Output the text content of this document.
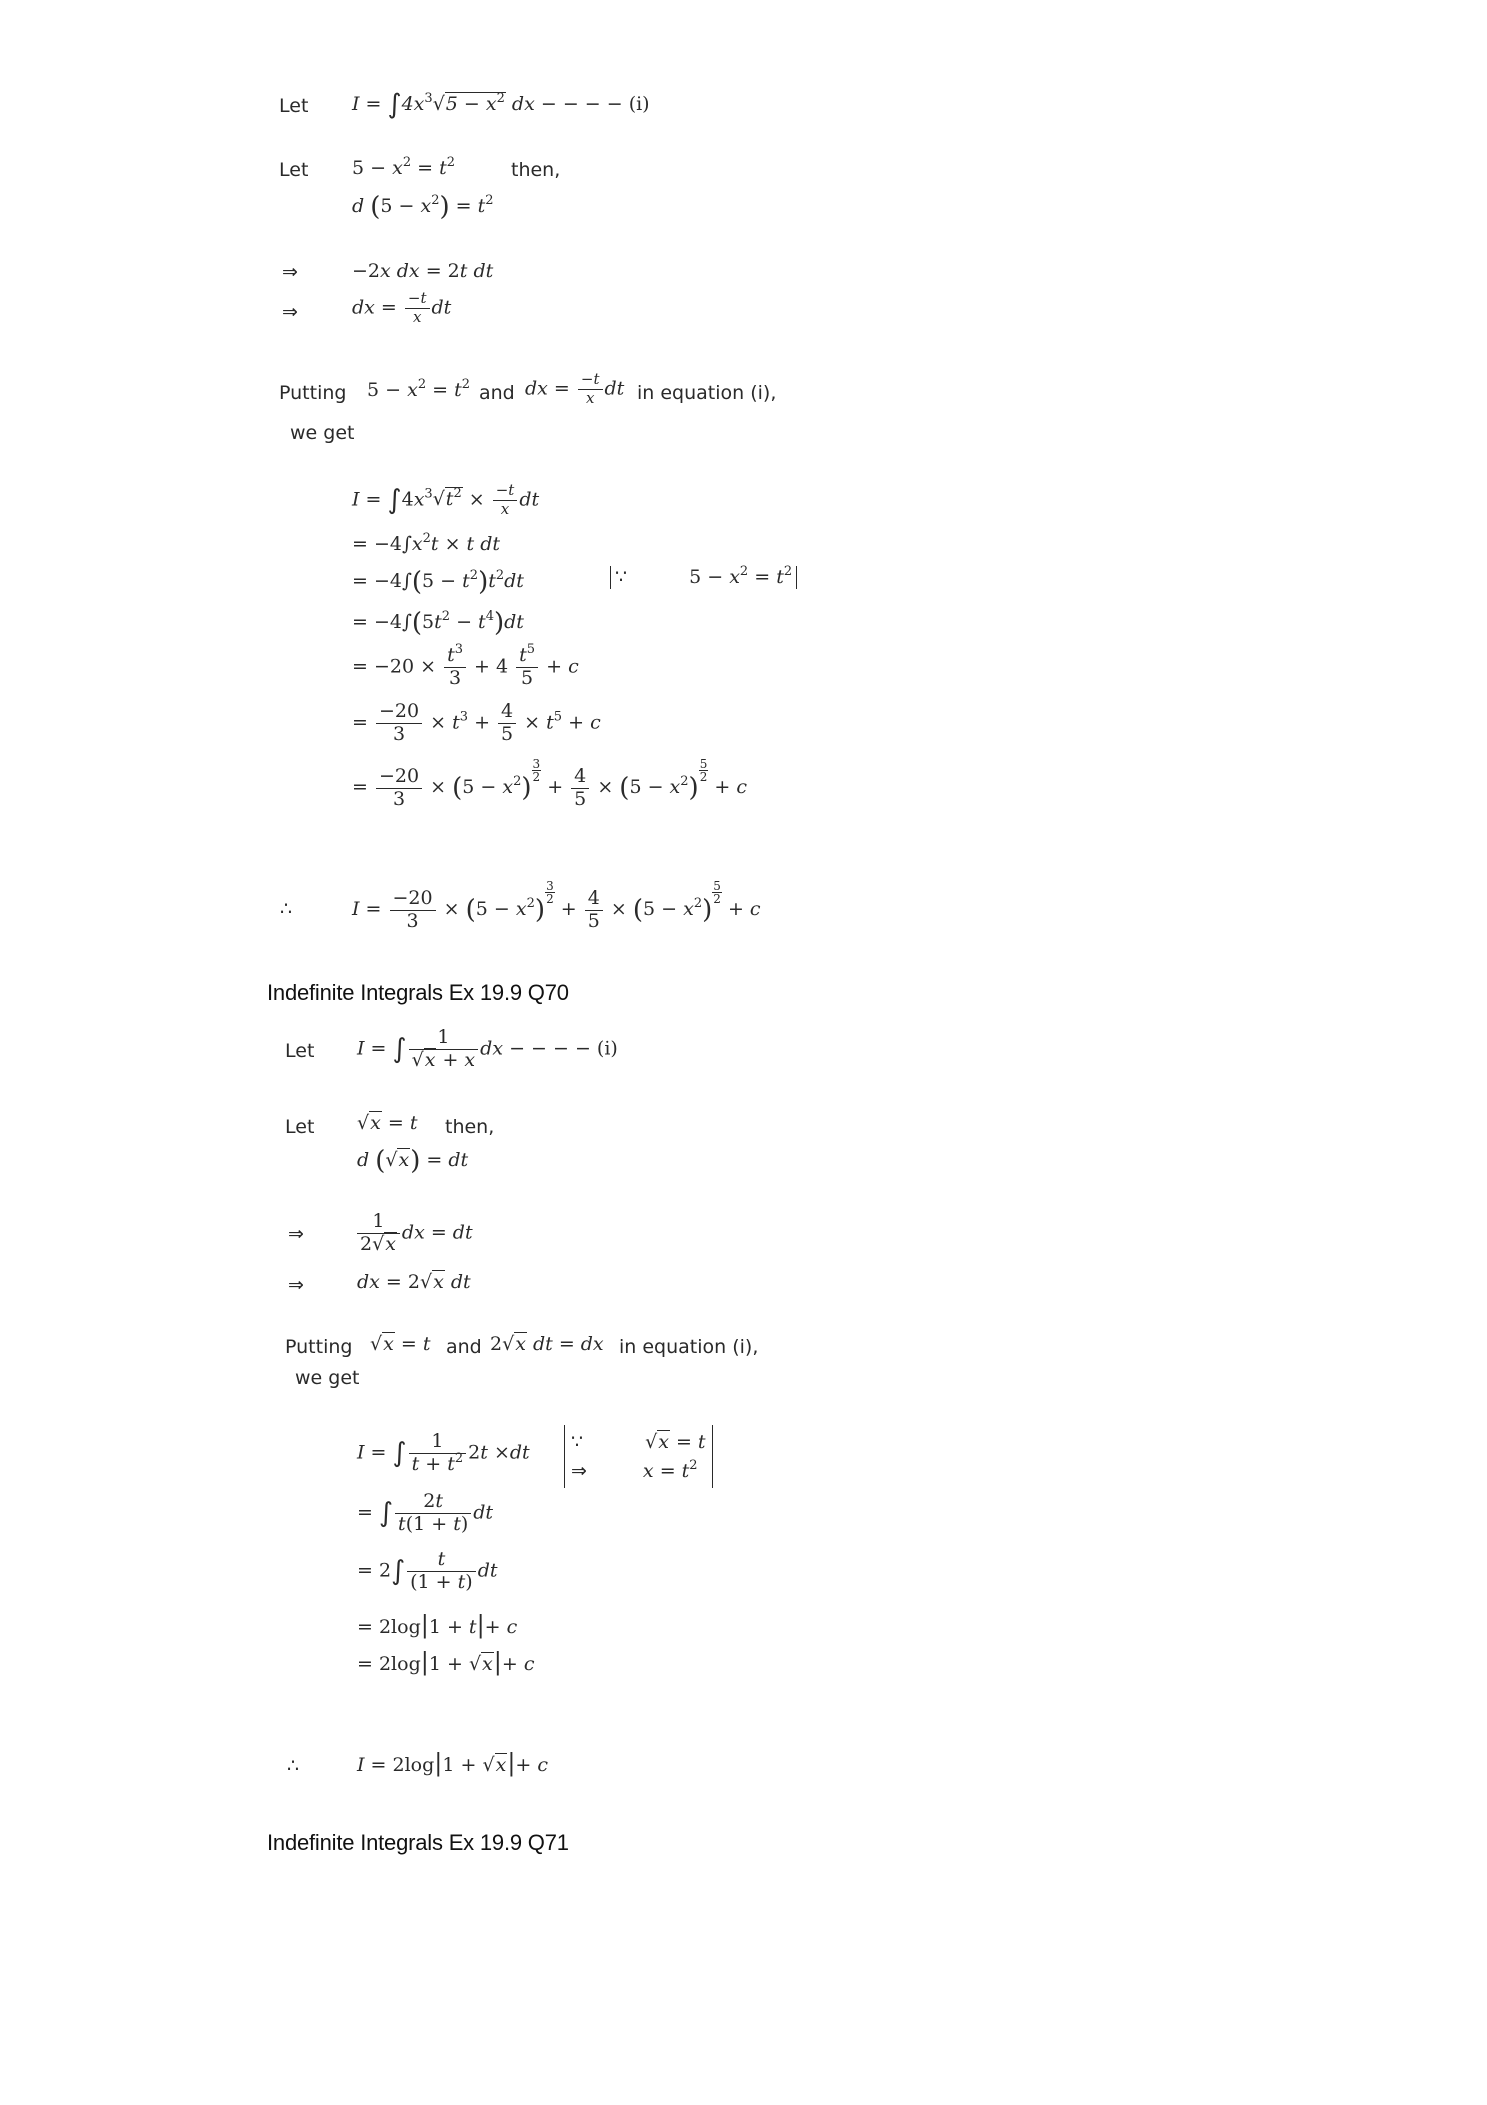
Let $I = \int 4x^3√5 - x^2$ dx − − − − (i)
Let $5 - x^2 = t^2$	then,
d $(5 - x^2) = t^2$
⇒	−2x dx = 2t dt
⇒	dx = $\frac{-t}{x}$ dt
Putting $5 - x^2 = t^2$ and dx = $\frac{-t}{x}$ dt in equation (i),
we get
$I = \int 4x^3√t^2 \times \frac{-t}{x}$ dt
= $-4\int x^2t \times t$ dt
= $-4\int(5 - t^2)t^2dt$	∵	$5 - x^2 = t^2$
= $-4\int(5t^2 - t^4)dt$
= $-20 \times \frac{t^3}{3} + 4 \frac{t^5}{5} + c$
= $\frac{-20}{3} \times t^3 + \frac{4}{5} \times t^5 + c$
= $\frac{-20}{3} \times (5 - x^2)$
$\frac{3}{2}$
+ $\frac{4}{5} \times (5 - x^2)$
$\frac{5}{2}$
+ c
∴	$I = \frac{-20}{3} \times (5 - x^2)$
$\frac{3}{2}$
+ $\frac{4}{5} \times (5 - x^2)$
$\frac{5}{2}$
+ c
Indefinite Integrals Ex 19.9 Q70
Let I = ∫ $\frac{1}{√x + x}$ dx − − − − (i)
Let √x = t then,
d (√x) = dt
⇒	$\frac{1}{2√x}$ dx = dt
⇒	dx = 2√x dt
Putting √x = t and 2√x dt = dx in equation (i),
we get
I = ∫ $\frac{1}{t + t^2} 2t \times dt$	∵	√x = t
⇒	$x = t^2$
= ∫ $\frac{2t}{t(1 + t)}$ dt
= $2\int \frac{t}{(1 + t)}$ dt
= 2log|1 + t|+ c
= 2log|1 + √x|+ c
∴	I = 2log|1 + √x|+ c
Indefinite Integrals Ex 19.9 Q71
